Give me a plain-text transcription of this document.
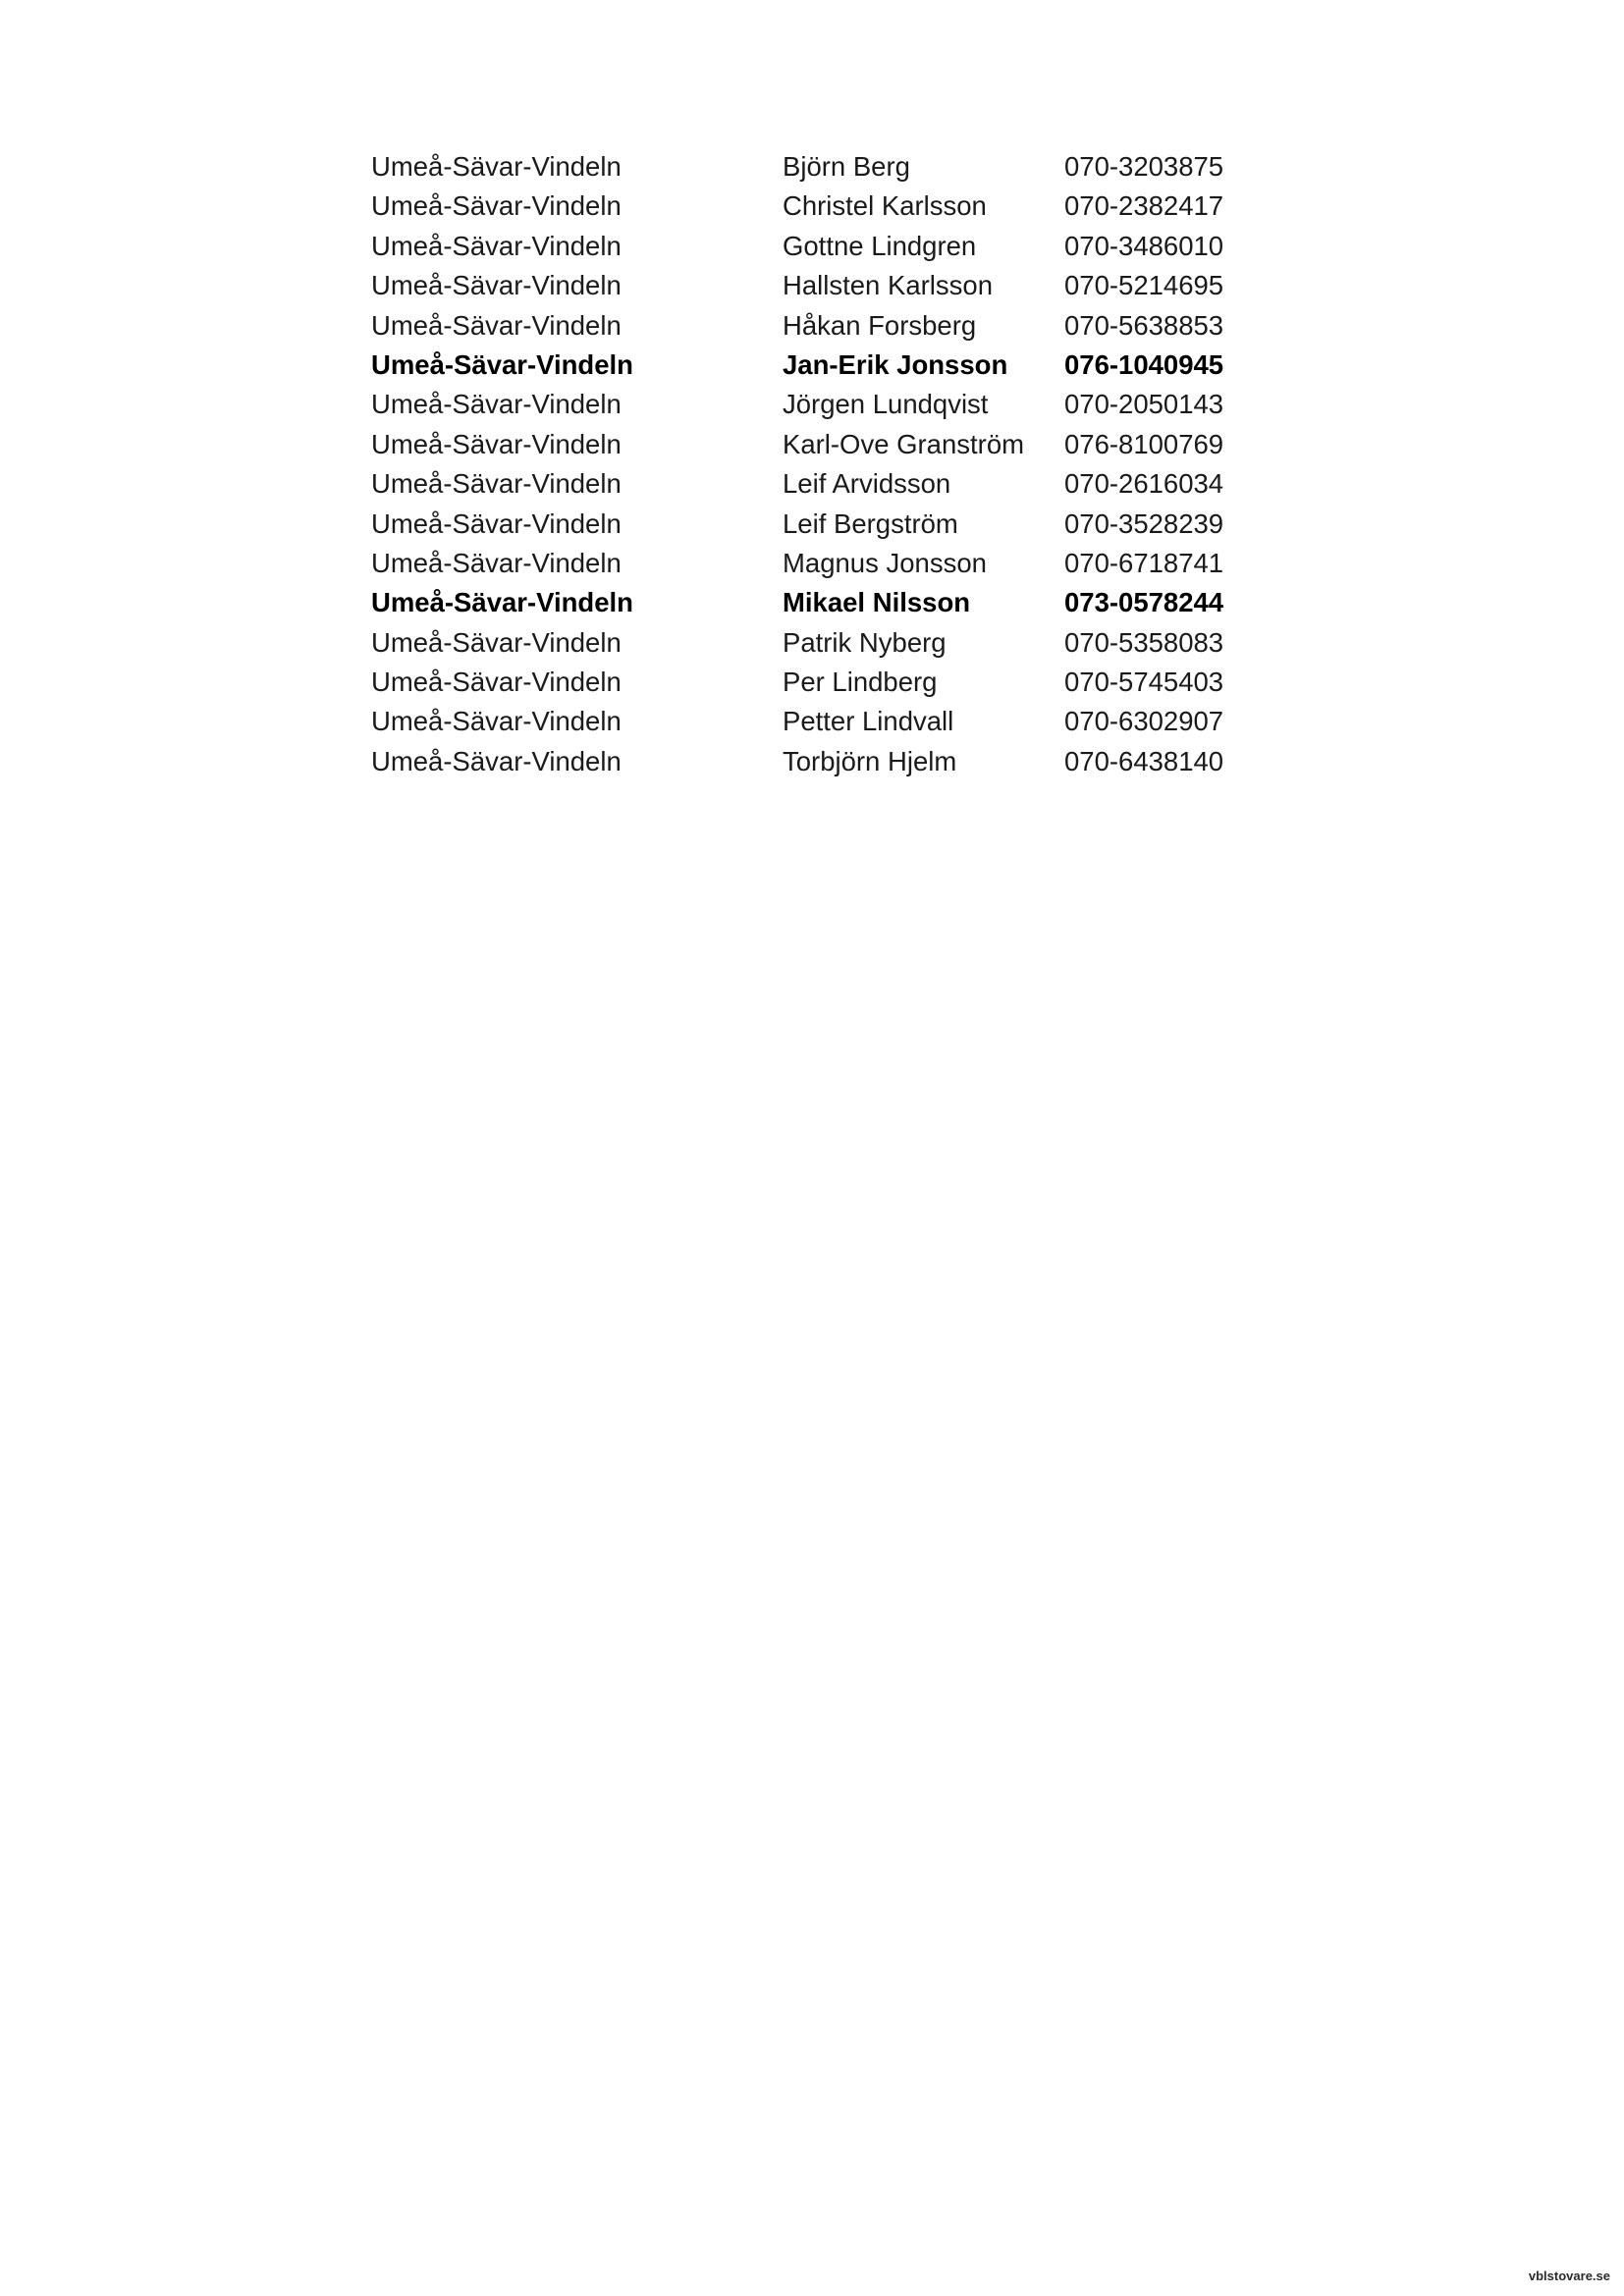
Umeå-Sävar-Vindeln	Björn Berg	070-3203875
Umeå-Sävar-Vindeln	Christel Karlsson	070-2382417
Umeå-Sävar-Vindeln	Gottne Lindgren	070-3486010
Umeå-Sävar-Vindeln	Hallsten Karlsson	070-5214695
Umeå-Sävar-Vindeln	Håkan Forsberg	070-5638853
Umeå-Sävar-Vindeln	Jan-Erik Jonsson 076-1040945
Umeå-Sävar-Vindeln	Jörgen Lundqvist	070-2050143
Umeå-Sävar-Vindeln	Karl-Ove Granström 076-8100769
Umeå-Sävar-Vindeln	Leif Arvidsson	070-2616034
Umeå-Sävar-Vindeln	Leif Bergström	070-3528239
Umeå-Sävar-Vindeln	Magnus Jonsson	070-6718741
Umeå-Sävar-Vindeln	Mikael Nilsson	073-0578244
Umeå-Sävar-Vindeln	Patrik Nyberg	070-5358083
Umeå-Sävar-Vindeln	Per Lindberg	070-5745403
Umeå-Sävar-Vindeln	Petter Lindvall	070-6302907
Umeå-Sävar-Vindeln	Torbjörn Hjelm	070-6438140
vblstovare.se
